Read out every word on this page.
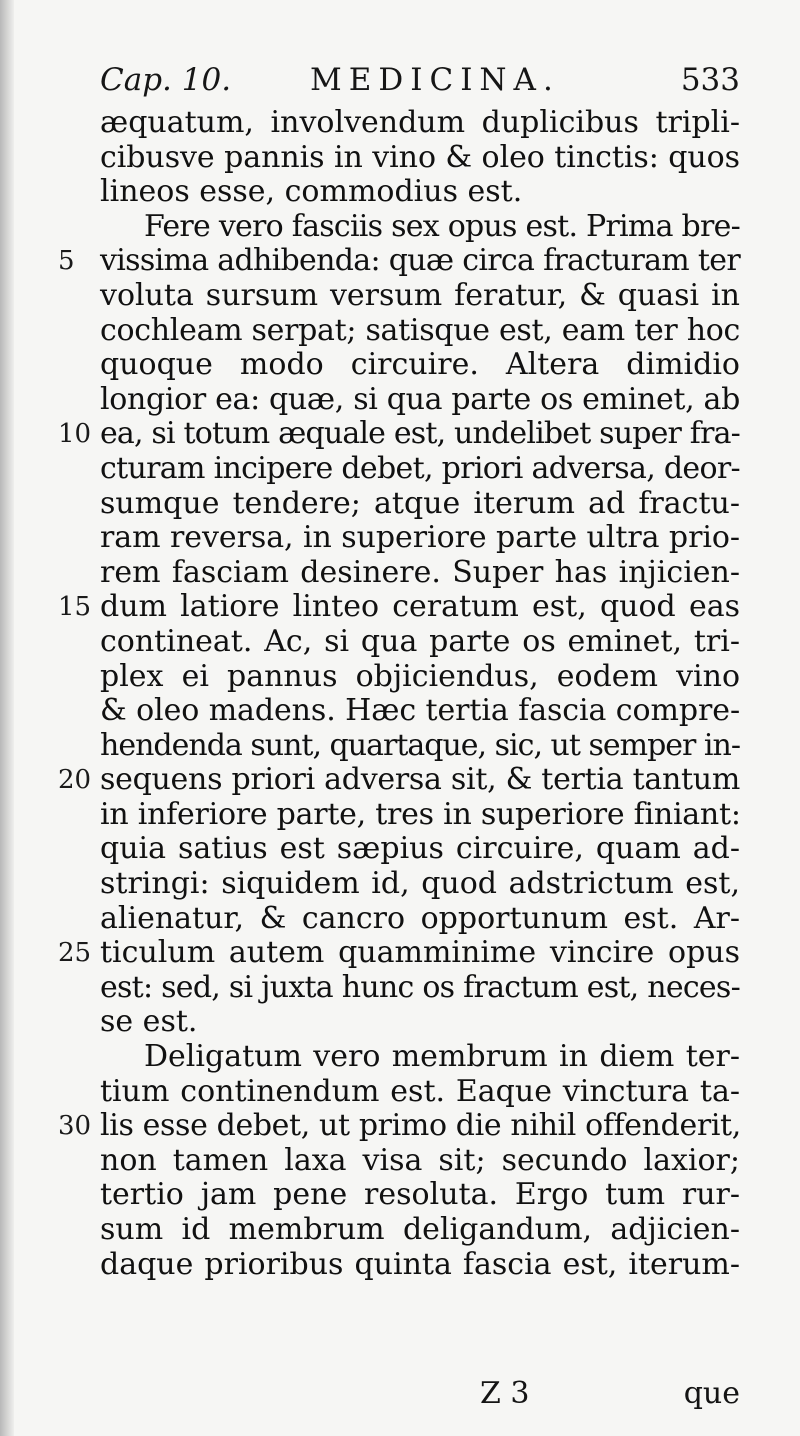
Cap. 10.	MEDICINA.	533
æquatum, involvendum duplicibus tripli-
cibusve pannis in vino & oleo tinctis: quos
lineos esse, commodius est.
Fere vero fasciis sex opus est. Prima bre-
5 vissima adhibenda: quæ circa fracturam ter
voluta sursum versum feratur, & quasi in
cochleam serpat; satisque est, eam ter hoc
quoque modo circuire. Altera dimidio
longior ea: quæ, si qua parte os eminet, ab
10 ea, si totum æquale est, undelibet super fra-
cturam incipere debet, priori adversa, deor-
sumque tendere; atque iterum ad fractu-
ram reversa, in superiore parte ultra prio-
rem fasciam desinere. Super has injicien-
15 dum latiore linteo ceratum est, quod eas
contineat. Ac, si qua parte os eminet, tri-
plex ei pannus objiciendus, eodem vino
& oleo madens. Hæc tertia fascia compre-
hendenda sunt, quartaque, sic, ut semper in-
20 sequens priori adversa sit, & tertia tantum
in inferiore parte, tres in superiore finiant:
quia satius est sæpius circuire, quam ad-
stringi: siquidem id, quod adstrictum est,
alienatur, & cancro opportunum est. Ar-
25 ticulum autem quamminime vincire opus
est: sed, si juxta hunc os fractum est, neces-
se est.
Deligatum vero membrum in diem ter-
tium continendum est. Eaque vinctura ta-
30 lis esse debet, ut primo die nihil offenderit,
non tamen laxa visa sit; secundo laxior;
tertio jam pene resoluta. Ergo tum rur-
sum id membrum deligandum, adjicien-
daque prioribus quinta fascia est, iterum-
Z 3	que
